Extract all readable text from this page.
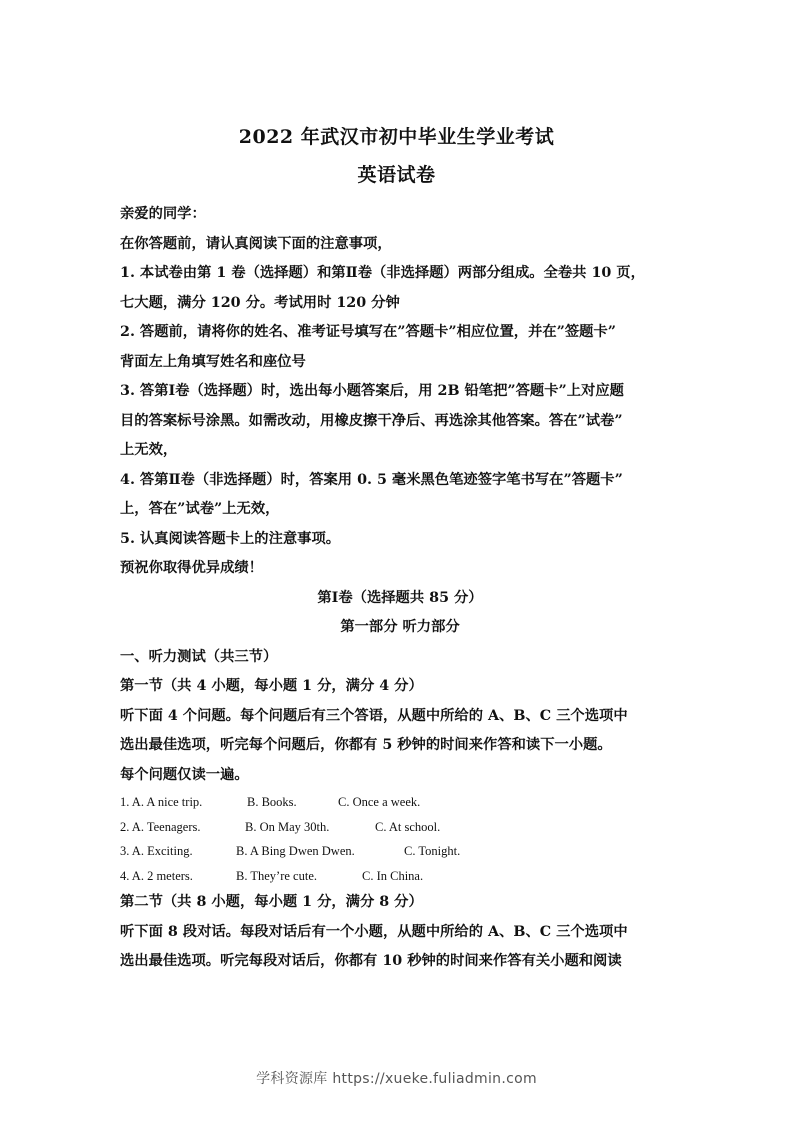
2022 年武汉市初中毕业生学业考试
英语试卷
亲爱的同学：
在你答题前，请认真阅读下面的注意事项，
1. 本试卷由第 1 卷（选择题）和第Ⅱ卷（非选择题）两部分组成。全卷共 10 页，
七大题，满分 120 分。考试用时 120 分钟
2. 答题前，请将你的姓名、准考证号填写在”答题卡”相应位置，并在”签题卡”
背面左上角填写姓名和座位号
3. 答第Ⅰ卷（选择题）时，选出每小题答案后，用 2B 铅笔把”答题卡”上对应题
目的答案标号涂黑。如需改动，用橡皮擦干净后、再选涂其他答案。答在”试卷”
上无效，
4. 答第Ⅱ卷（非选择题）时，答案用 0. 5 毫米黑色笔迹签字笔书写在”答题卡”
上，答在”试卷”上无效，
5. 认真阅读答题卡上的注意事项。
预祝你取得优异成绩！
第Ⅰ卷（选择题共 85 分）
第一部分 听力部分
一、听力测试（共三节）
第一节（共 4 小题，每小题 1 分，满分 4 分）
听下面 4 个问题。每个问题后有三个答语，从题中所给的 A、B、C 三个选项中
选出最佳选项，听完每个问题后，你都有 5 秒钟的时间来作答和读下一小题。
每个问题仅读一遍。
1. A. A nice trip.	B. Books.	C. Once a week.
2. A. Teenagers.	B. On May 30th.	C. At school.
3. A. Exciting.	B. A Bing Dwen Dwen.	C. Tonight.
4. A. 2 meters.	B. They’re cute.	C. In China.
第二节（共 8 小题，每小题 1 分，满分 8 分）
听下面 8 段对话。每段对话后有一个小题，从题中所给的 A、B、C 三个选项中
选出最佳选项。听完每段对话后，你都有 10 秒钟的时间来作答有关小题和阅读
学科资源库 https://xueke.fuliadmin.com
